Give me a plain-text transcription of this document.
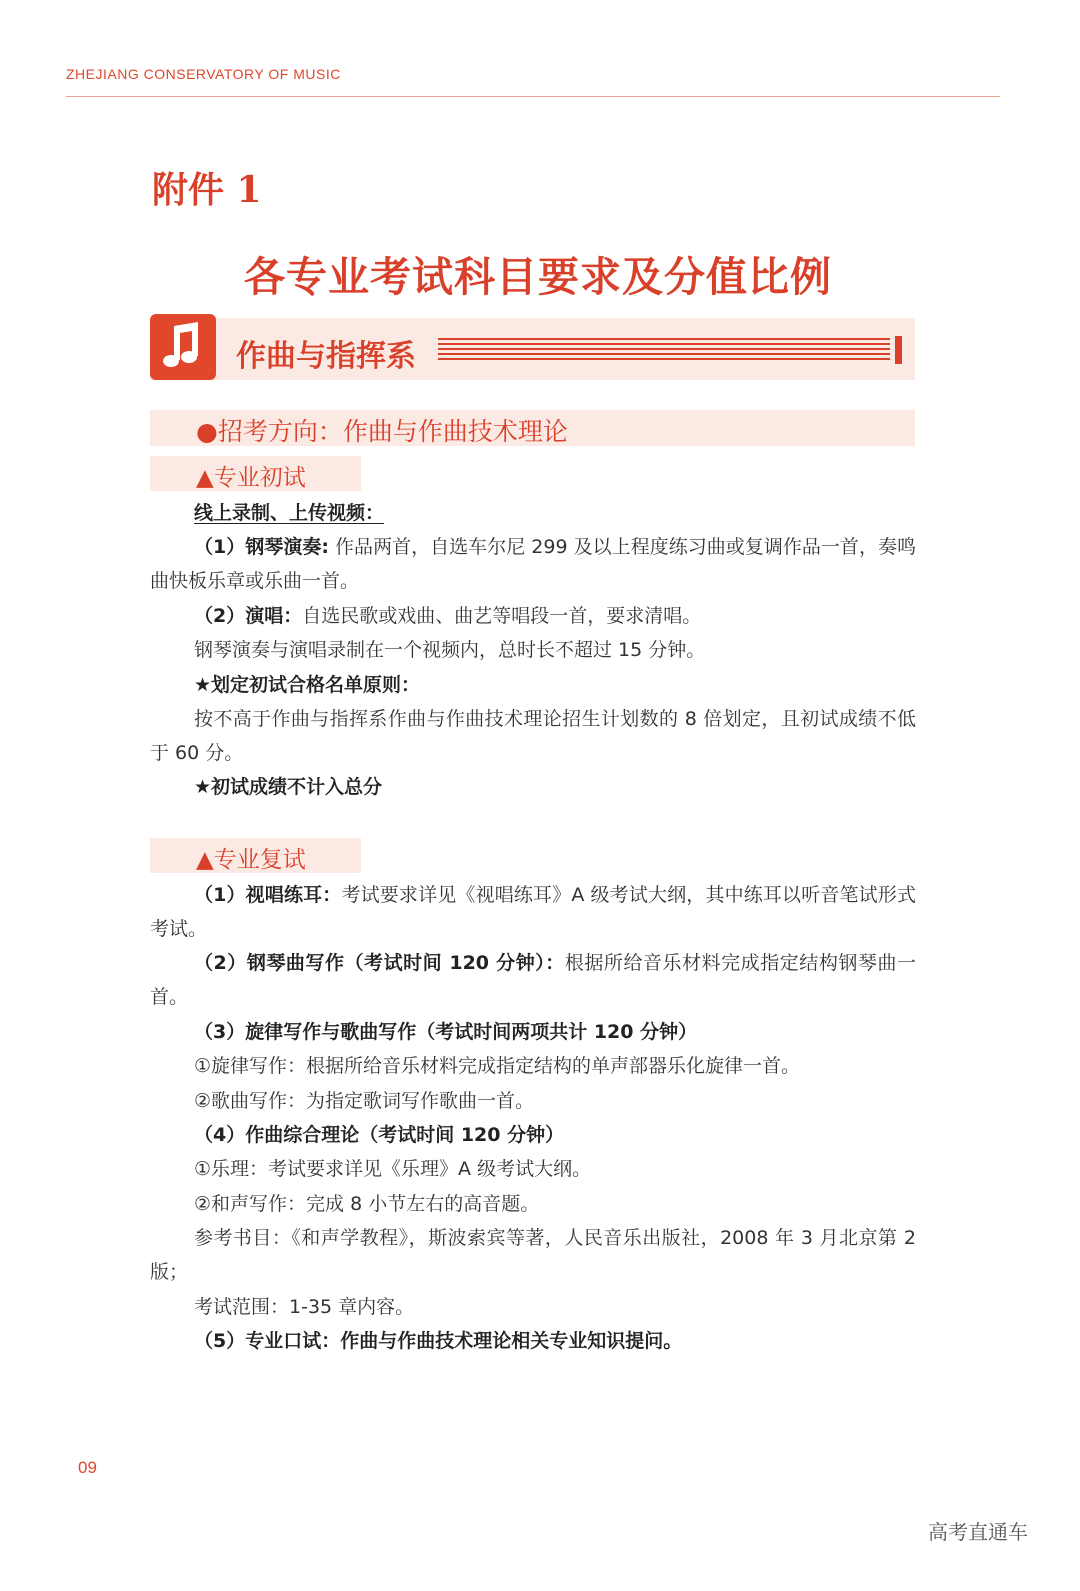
ZHEJIANG CONSERVATORY OF MUSIC
附件 1
各专业考试科目要求及分值比例
作曲与指挥系
●招考方向：作曲与作曲技术理论
▲专业初试
线上录制、上传视频：
（1）钢琴演奏: 作品两首，自选车尔尼 299 及以上程度练习曲或复调作品一首，奏鸣曲快板乐章或乐曲一首。
（2）演唱：自选民歌或戏曲、曲艺等唱段一首，要求清唱。
钢琴演奏与演唱录制在一个视频内，总时长不超过 15 分钟。
★划定初试合格名单原则：
按不高于作曲与指挥系作曲与作曲技术理论招生计划数的 8 倍划定，且初试成绩不低于 60 分。
★初试成绩不计入总分
▲专业复试
（1）视唱练耳：考试要求详见《视唱练耳》A 级考试大纲，其中练耳以听音笔试形式考试。
（2）钢琴曲写作（考试时间 120 分钟）：根据所给音乐材料完成指定结构钢琴曲一首。
（3）旋律写作与歌曲写作（考试时间两项共计 120 分钟）
①旋律写作：根据所给音乐材料完成指定结构的单声部器乐化旋律一首。
②歌曲写作：为指定歌词写作歌曲一首。
（4）作曲综合理论（考试时间 120 分钟）
①乐理：考试要求详见《乐理》A 级考试大纲。
②和声写作：完成 8 小节左右的高音题。
参考书目：《和声学教程》，斯波索宾等著，人民音乐出版社，2008 年 3 月北京第 2 版；
考试范围：1-35 章内容。
（5）专业口试：作曲与作曲技术理论相关专业知识提问。
09
高考直通车
